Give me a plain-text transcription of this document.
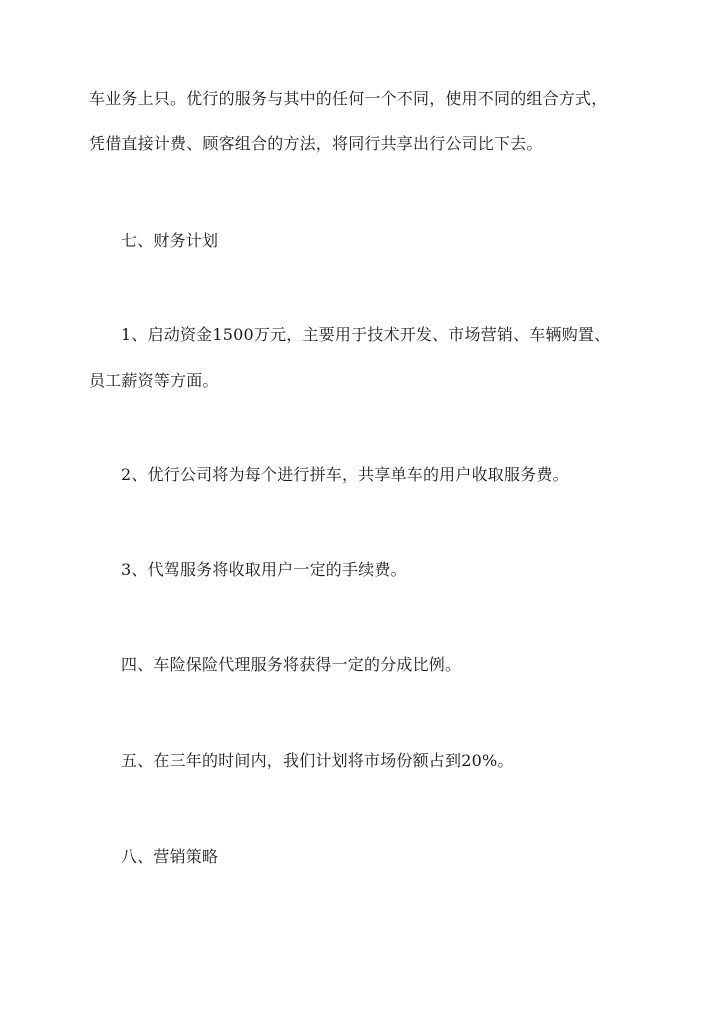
车业务上只。优行的服务与其中的任何一个不同，使用不同的组合方式，
凭借直接计费、顾客组合的方法，将同行共享出行公司比下去。
七、财务计划
1、启动资金1500万元，主要用于技术开发、市场营销、车辆购置、
员工薪资等方面。
2、优行公司将为每个进行拼车，共享单车的用户收取服务费。
3、代驾服务将收取用户一定的手续费。
四、车险保险代理服务将获得一定的分成比例。
五、在三年的时间内，我们计划将市场份额占到20%。
八、营销策略
